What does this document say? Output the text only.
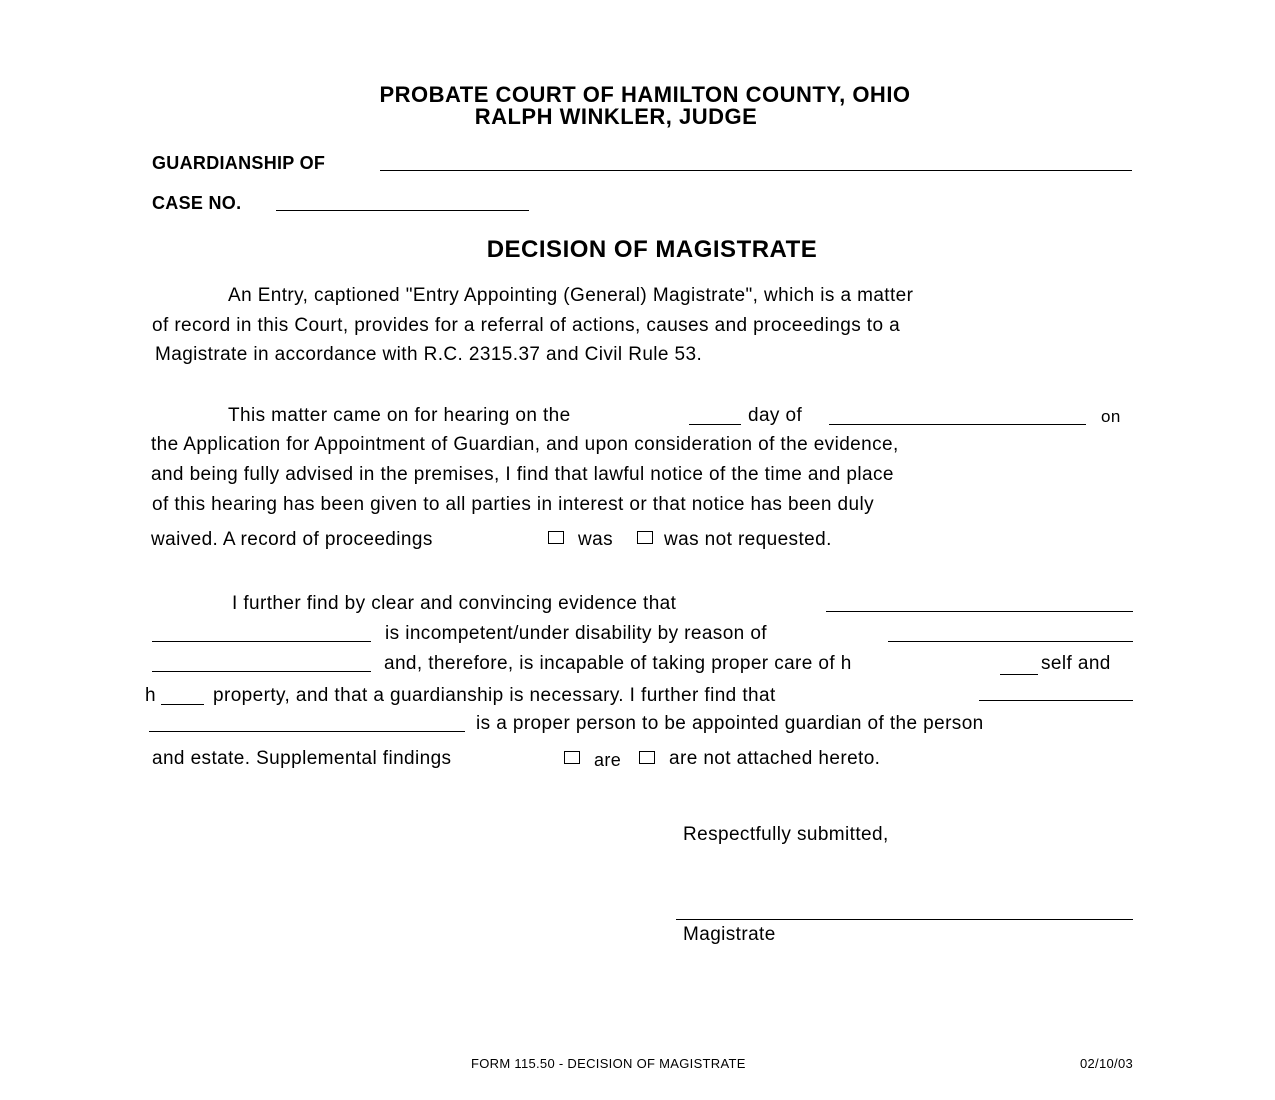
PROBATE COURT OF HAMILTON COUNTY, OHIO
RALPH WINKLER, JUDGE
GUARDIANSHIP OF
CASE NO.
DECISION OF MAGISTRATE
An Entry, captioned "Entry Appointing (General) Magistrate", which is a matter
of record in this Court, provides for a referral of actions, causes and proceedings to a
Magistrate in accordance with R.C. 2315.37 and Civil Rule 53.
This matter came on for hearing on the	day of	on
the Application for Appointment of Guardian, and upon consideration of the evidence,
and being fully advised in the premises, I find that lawful notice of the time and place
of this hearing has been given to all parties in interest or that notice has been duly
waived. A record of proceedings	was	was not requested.
I further find by clear and convincing evidence that
is incompetent/under disability by reason of
and, therefore, is incapable of taking proper care of h	self and
h	property, and that a guardianship is necessary. I further find that
is a proper person to be appointed guardian of the person
and estate. Supplemental findings	are	are not attached hereto.
Respectfully submitted,
Magistrate
FORM 115.50 - DECISION OF MAGISTRATE	02/10/03
